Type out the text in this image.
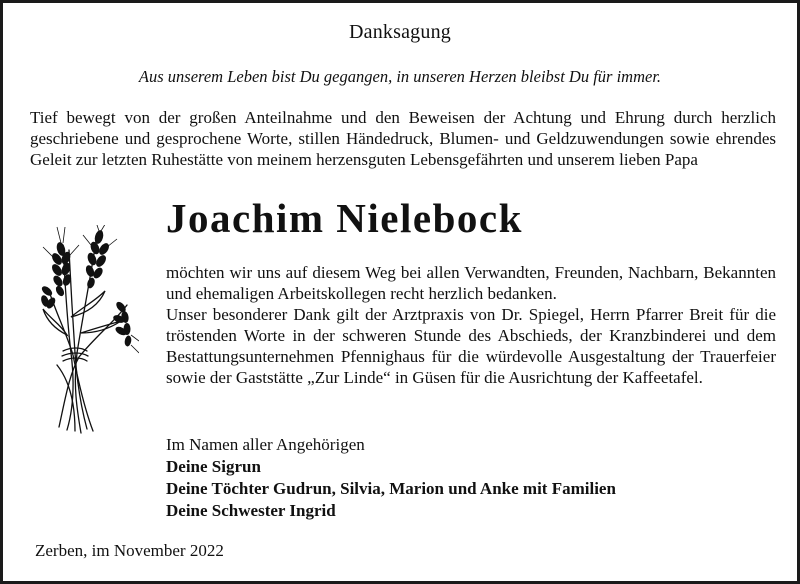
Danksagung
Aus unserem Leben bist Du gegangen, in unseren Herzen bleibst Du für immer.
Tief bewegt von der großen Anteilnahme und den Beweisen der Achtung und Ehrung durch herzlich geschriebene und gesprochene Worte, stillen Händedruck, Blumen- und Geldzuwendungen sowie ehrendes Geleit zur letzten Ruhestätte von meinem herzensguten Lebensgefährten und unserem lieben Papa
Joachim Nielebock

möchten wir uns auf diesem Weg bei allen Verwandten, Freunden, Nachbarn, Bekannten und ehemaligen Arbeitskollegen recht herzlich bedanken.

Unser besonderer Dank gilt der Arztpraxis von Dr. Spiegel, Herrn Pfarrer Breit für die tröstenden Worte in der schweren Stunde des Abschieds, der Kranzbinderei und dem Bestattungsunternehmen Pfennighaus für die würdevolle Ausgestaltung der Trauerfeier sowie der Gaststätte „Zur Linde“ in Güsen für die Ausrichtung der Kaffeetafel.

Im Namen aller Angehörigen
Deine Sigrun
Deine Töchter Gudrun, Silvia, Marion und Anke mit Familien
Deine Schwester Ingrid
Zerben, im November 2022
